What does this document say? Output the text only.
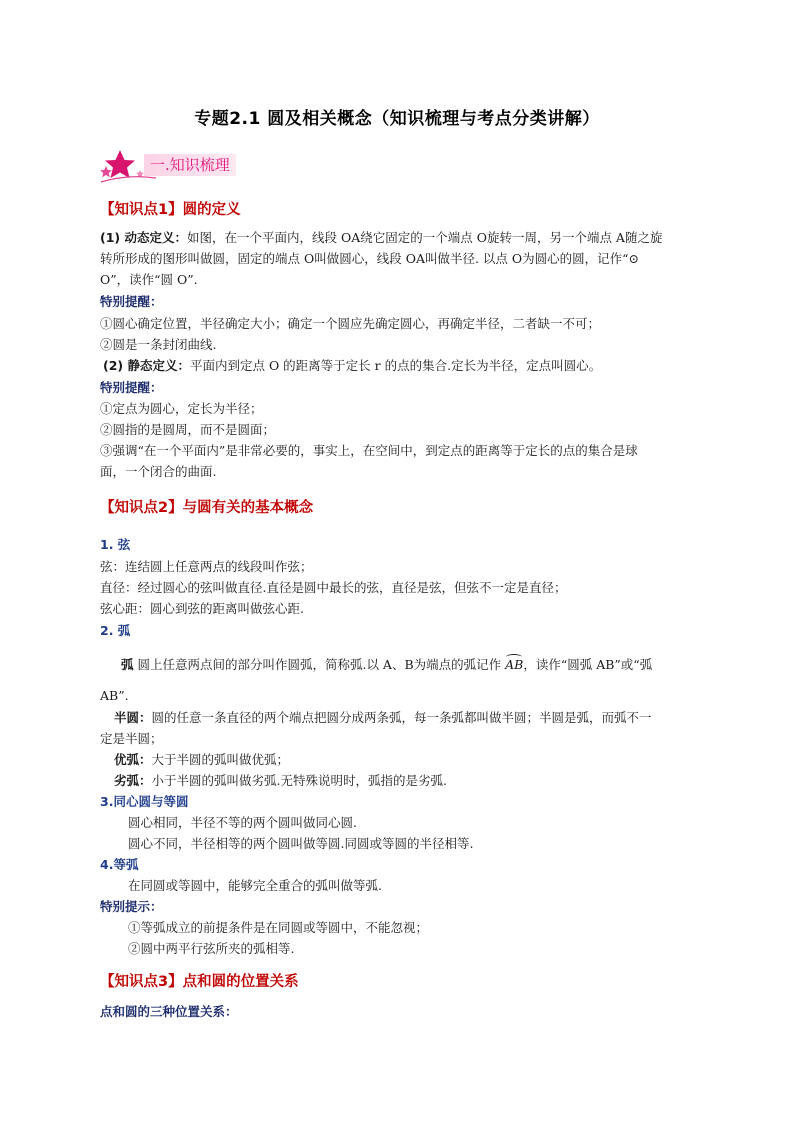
专题2.1 圆及相关概念（知识梳理与考点分类讲解）
一.知识梳理
【知识点1】圆的定义
(1) 动态定义：如图，在一个平面内，线段 OA绕它固定的一个端点 O旋转一周，另一个端点 A随之旋
转所形成的图形叫做圆，固定的端点 O叫做圆心，线段 OA叫做半径. 以点 O为圆心的圆，记作“⊙
O”，读作“圆 O”.
特别提醒：
①圆心确定位置，半径确定大小；确定一个圆应先确定圆心，再确定半径，二者缺一不可；
②圆是一条封闭曲线.
(2) 静态定义：平面内到定点 O 的距离等于定长 r 的点的集合.定长为半径，定点叫圆心。
特别提醒：
①定点为圆心，定长为半径；
②圆指的是圆周，而不是圆面；
③强调“在一个平面内”是非常必要的，事实上，在空间中，到定点的距离等于定长的点的集合是球
面，一个闭合的曲面.
【知识点2】与圆有关的基本概念
1. 弦
弦：连结圆上任意两点的线段叫作弦；
直径：经过圆心的弦叫做直径.直径是圆中最长的弦，直径是弦，但弦不一定是直径；
弦心距：圆心到弦的距离叫做弦心距.
2. 弧
弧 圆上任意两点间的部分叫作圆弧，简称弧.以 A、B为端点的弧记作 AB，读作“圆弧 AB”或“弧
AB”.
半圆：圆的任意一条直径的两个端点把圆分成两条弧，每一条弧都叫做半圆；半圆是弧，而弧不一
定是半圆；
优弧：大于半圆的弧叫做优弧；
劣弧：小于半圆的弧叫做劣弧.无特殊说明时，弧指的是劣弧.
3.同心圆与等圆
圆心相同，半径不等的两个圆叫做同心圆.
圆心不同，半径相等的两个圆叫做等圆.同圆或等圆的半径相等.
4.等弧
在同圆或等圆中，能够完全重合的弧叫做等弧.
特别提示：
①等弧成立的前提条件是在同圆或等圆中，不能忽视；
②圆中两平行弦所夹的弧相等.
【知识点3】点和圆的位置关系
点和圆的三种位置关系：
